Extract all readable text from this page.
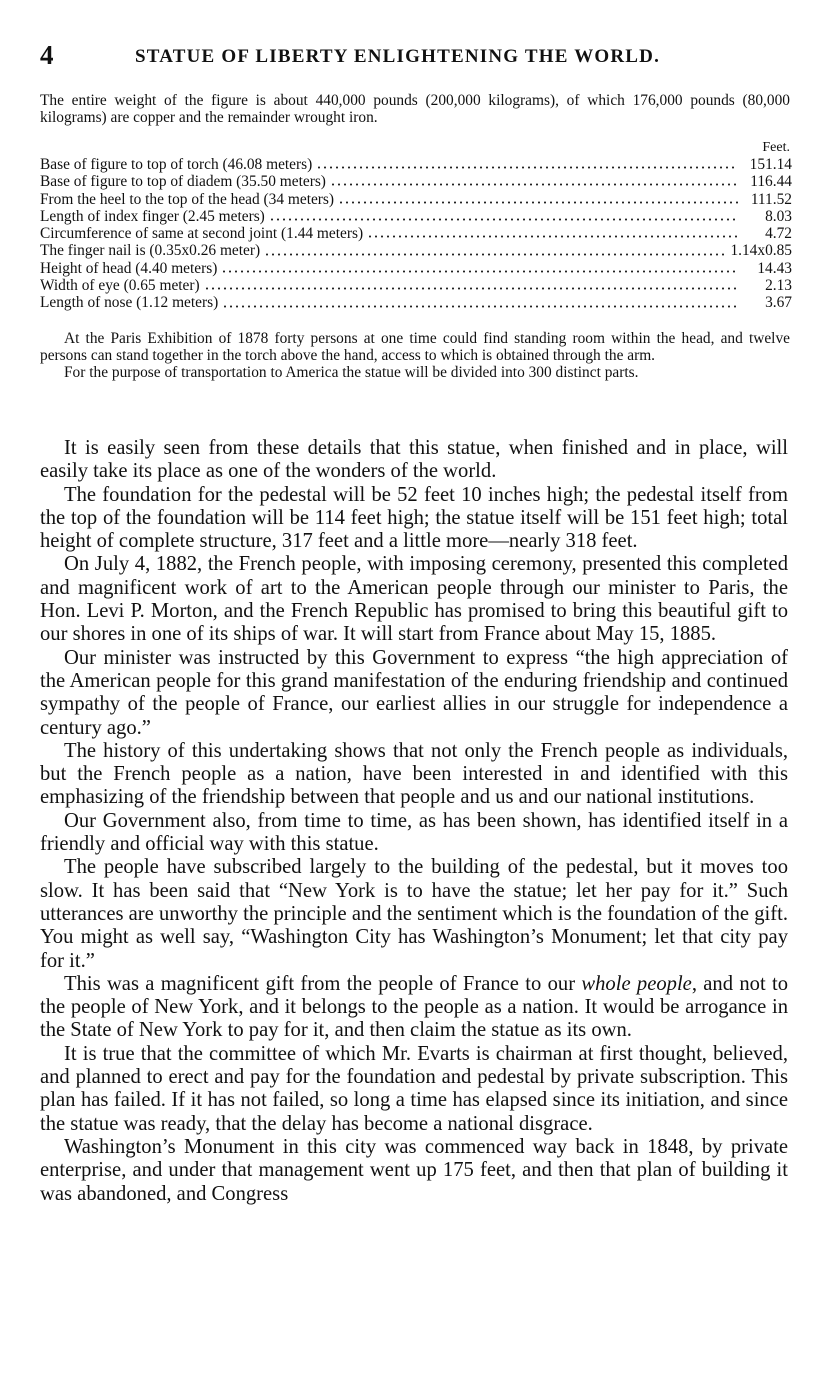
4	STATUE OF LIBERTY ENLIGHTENING THE WORLD.

The entire weight of the figure is about 440,000 pounds (200,000 kilograms), of which 176,000 pounds (80,000 kilograms) are copper and the remainder wrought iron.

Feet.
Base of figure to top of torch (46.08 meters)	151.14
Base of figure to top of diadem (35.50 meters)	116.44
From the heel to the top of the head (34 meters)	111.52
Length of index finger (2.45 meters)	8.03
Circumference of same at second joint (1.44 meters)	4.72
The finger nail is (0.35x0.26 meter)	1.14x0.85
Height of head (4.40 meters)	14.43
Width of eye (0.65 meter)	2.13
Length of nose (1.12 meters)	3.67

At the Paris Exhibition of 1878 forty persons at one time could find standing room within the head, and twelve persons can stand together in the torch above the hand, access to which is obtained through the arm.

For the purpose of transportation to America the statue will be divided into 300 distinct parts.

It is easily seen from these details that this statue, when finished and in place, will easily take its place as one of the wonders of the world.

The foundation for the pedestal will be 52 feet 10 inches high; the pedestal itself from the top of the foundation will be 114 feet high; the statue itself will be 151 feet high; total height of complete structure, 317 feet and a little more—nearly 318 feet.

On July 4, 1882, the French people, with imposing ceremony, presented this completed and magnificent work of art to the American people through our minister to Paris, the Hon. Levi P. Morton, and the French Republic has promised to bring this beautiful gift to our shores in one of its ships of war. It will start from France about May 15, 1885.

Our minister was instructed by this Government to express “the high appreciation of the American people for this grand manifestation of the enduring friendship and continued sympathy of the people of France, our earliest allies in our struggle for independence a century ago.”

The history of this undertaking shows that not only the French people as individuals, but the French people as a nation, have been interested in and identified with this emphasizing of the friendship between that people and us and our national institutions.

Our Government also, from time to time, as has been shown, has identified itself in a friendly and official way with this statue.

The people have subscribed largely to the building of the pedestal, but it moves too slow. It has been said that “New York is to have the statue; let her pay for it.” Such utterances are unworthy the principle and the sentiment which is the foundation of the gift. You might as well say, “Washington City has Washington’s Monument; let that city pay for it.”

This was a magnificent gift from the people of France to our whole people, and not to the people of New York, and it belongs to the people as a nation. It would be arrogance in the State of New York to pay for it, and then claim the statue as its own.

It is true that the committee of which Mr. Evarts is chairman at first thought, believed, and planned to erect and pay for the foundation and pedestal by private subscription. This plan has failed. If it has not failed, so long a time has elapsed since its initiation, and since the statue was ready, that the delay has become a national disgrace.

Washington’s Monument in this city was commenced way back in 1848, by private enterprise, and under that management went up 175 feet, and then that plan of building it was abandoned, and Congress
